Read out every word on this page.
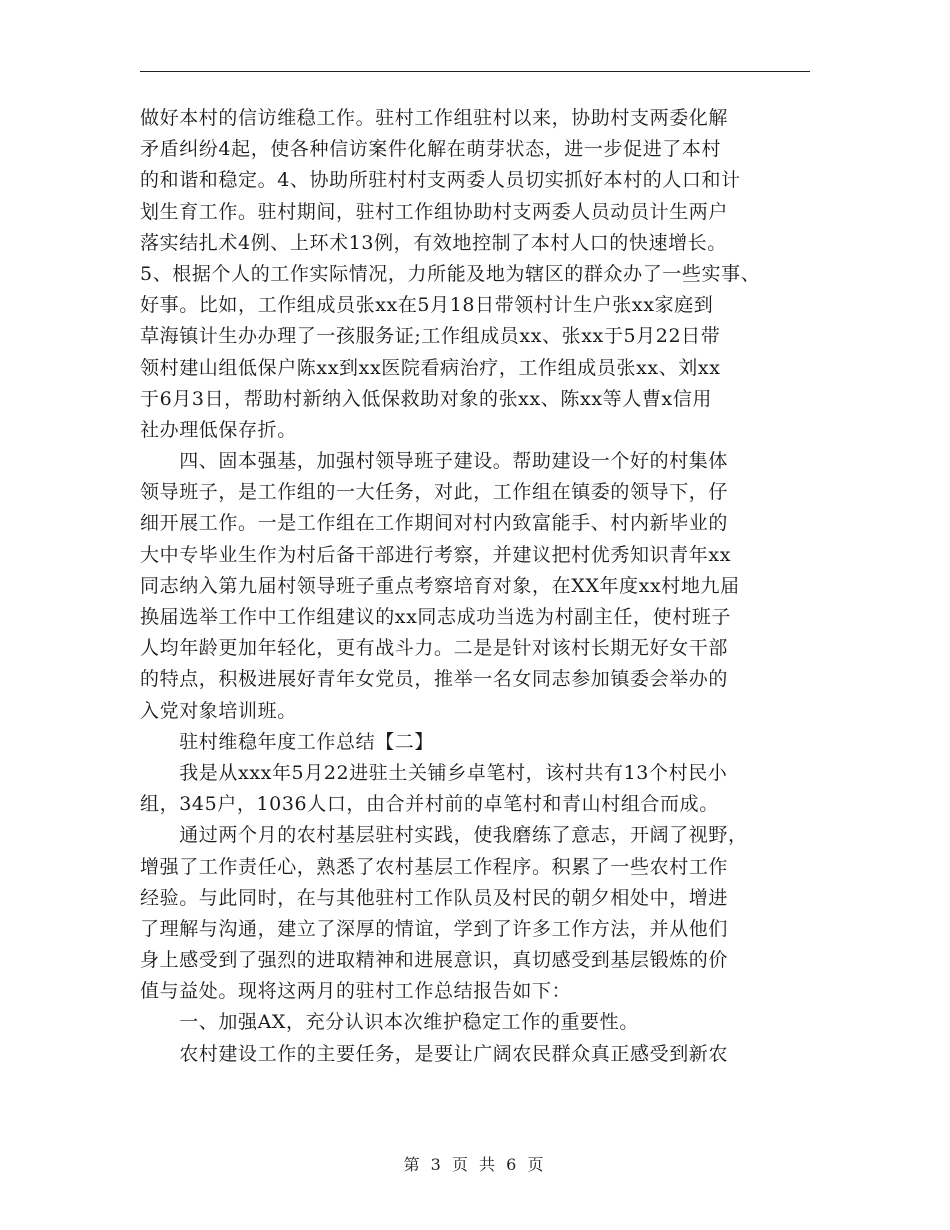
做好本村的信访维稳工作。驻村工作组驻村以来，协助村支两委化解
矛盾纠纷4起，使各种信访案件化解在萌芽状态，进一步促进了本村
的和谐和稳定。4、协助所驻村村支两委人员切实抓好本村的人口和计
划生育工作。驻村期间，驻村工作组协助村支两委人员动员计生两户
落实结扎术4例、上环术13例，有效地控制了本村人口的快速增长。
5、根据个人的工作实际情况，力所能及地为辖区的群众办了一些实事、
好事。比如，工作组成员张xx在5月18日带领村计生户张xx家庭到
草海镇计生办办理了一孩服务证;工作组成员xx、张xx于5月22日带
领村建山组低保户陈xx到xx医院看病治疗，工作组成员张xx、刘xx
于6月3日，帮助村新纳入低保救助对象的张xx、陈xx等人曹x信用
社办理低保存折。
　　四、固本强基，加强村领导班子建设。帮助建设一个好的村集体
领导班子，是工作组的一大任务，对此，工作组在镇委的领导下，仔
细开展工作。一是工作组在工作期间对村内致富能手、村内新毕业的
大中专毕业生作为村后备干部进行考察，并建议把村优秀知识青年xx
同志纳入第九届村领导班子重点考察培育对象，在XX年度xx村地九届
换届选举工作中工作组建议的xx同志成功当选为村副主任，使村班子
人均年龄更加年轻化，更有战斗力。二是是针对该村长期无好女干部
的特点，积极进展好青年女党员，推举一名女同志参加镇委会举办的
入党对象培训班。
　　驻村维稳年度工作总结【二】
　　我是从xxx年5月22进驻土关铺乡卓笔村，该村共有13个村民小
组，345户，1036人口，由合并村前的卓笔村和青山村组合而成。
　　通过两个月的农村基层驻村实践，使我磨练了意志，开阔了视野，
增强了工作责任心，熟悉了农村基层工作程序。积累了一些农村工作
经验。与此同时，在与其他驻村工作队员及村民的朝夕相处中，增进
了理解与沟通，建立了深厚的情谊，学到了许多工作方法，并从他们
身上感受到了强烈的进取精神和进展意识，真切感受到基层锻炼的价
值与益处。现将这两月的驻村工作总结报告如下：
　　一、加强AX，充分认识本次维护稳定工作的重要性。
　　农村建设工作的主要任务，是要让广阔农民群众真正感受到新农
第 3 页 共 6 页
